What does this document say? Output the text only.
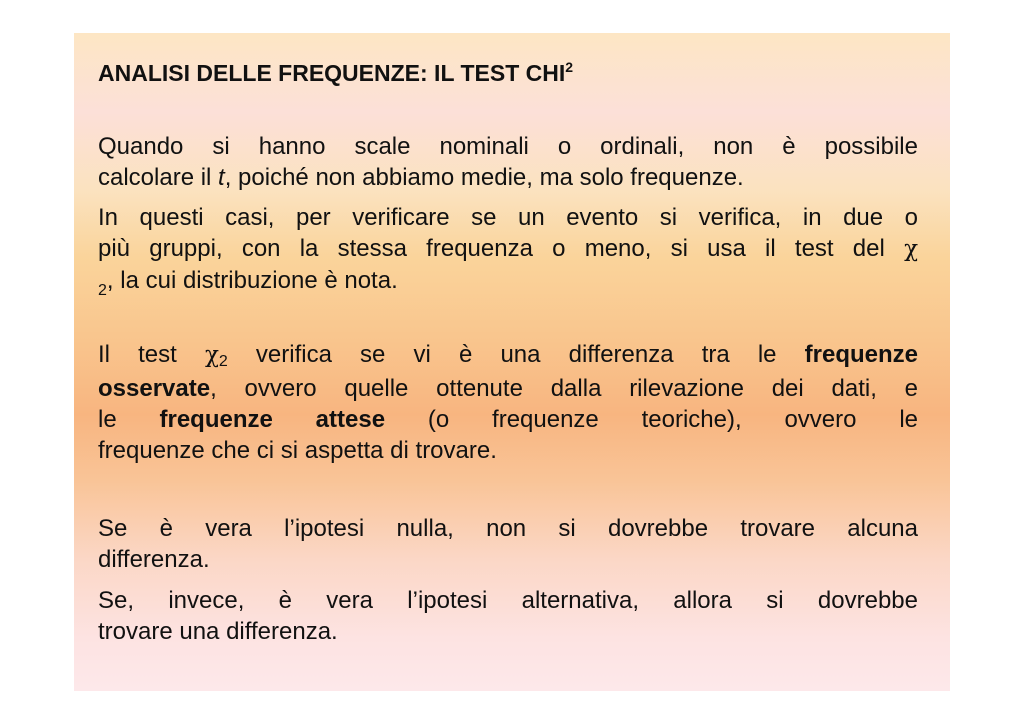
ANALISI DELLE FREQUENZE: IL TEST CHI$^2$

Quando si hanno scale nominali o ordinali, non è possibile
calcolare il t, poiché non abbiamo medie, ma solo frequenze.

In questi casi, per verificare se un evento si verifica, in due o
più gruppi, con la stessa frequenza o meno, si usa il test del χ
$_2$, la cui distribuzione è nota.

Il test χ2 verifica se vi è una differenza tra le frequenze
osservate, ovvero quelle ottenute dalla rilevazione dei dati, e
le frequenze attese (o frequenze teoriche), ovvero le
frequenze che ci si aspetta di trovare.

Se è vera l’ipotesi nulla, non si dovrebbe trovare alcuna
differenza.

Se, invece, è vera l’ipotesi alternativa, allora si dovrebbe
trovare una differenza.
